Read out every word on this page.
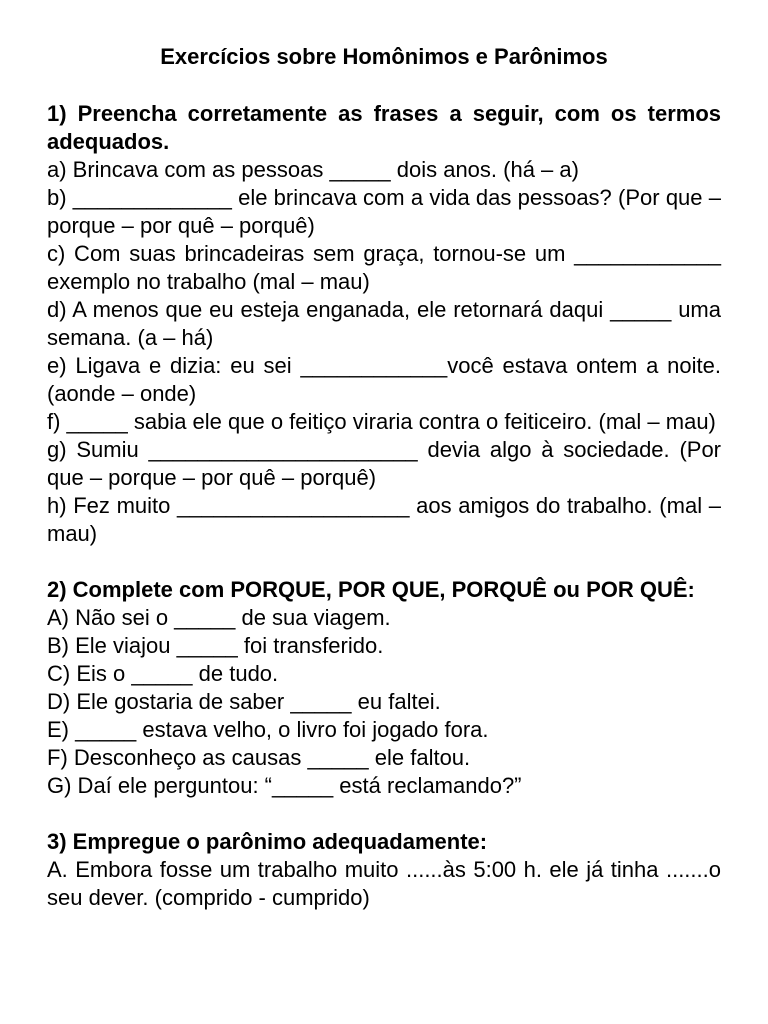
Exercícios sobre Homônimos e Parônimos

1) Preencha corretamente as frases a seguir, com os termos adequados.

a) Brincava com as pessoas _____ dois anos. (há – a)

b) _____________ ele brincava com a vida das pessoas? (Por que – porque – por quê – porquê)

c) Com suas brincadeiras sem graça, tornou-se um ____________ exemplo no trabalho (mal – mau)

d) A menos que eu esteja enganada, ele retornará daqui _____ uma semana. (a – há)

e) Ligava e dizia: eu sei ____________você estava ontem a noite. (aonde – onde)

f) _____ sabia ele que o feitiço viraria contra o feiticeiro. (mal – mau)

g) Sumiu ______________________ devia algo à sociedade. (Por que – porque – por quê – porquê)

h) Fez muito ___________________ aos amigos do trabalho. (mal – mau)

2) Complete com PORQUE, POR QUE, PORQUÊ ou POR QUÊ:

A) Não sei o _____ de sua viagem.

B) Ele viajou _____ foi transferido.

C) Eis o _____ de tudo.

D) Ele gostaria de saber _____ eu faltei.

E) _____ estava velho, o livro foi jogado fora.

F) Desconheço as causas _____ ele faltou.

G) Daí ele perguntou: “_____ está reclamando?”

3) Empregue o parônimo adequadamente:

A. Embora fosse um trabalho muito ......às 5:00 h. ele já tinha .......o seu dever. (comprido - cumprido)
